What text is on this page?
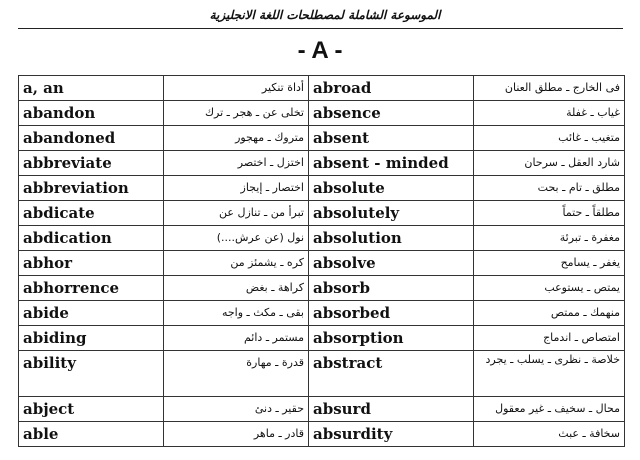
الموسوعة الشاملة لمصطلحات اللغة الانجليزية
- A -
a, an	أداة تنكير	abroad	فى الخارج ـ مطلق العنان
abandon	تخلى عن ـ هجر ـ ترك	absence	غياب ـ غفلة
abandoned	متروك ـ مهجور	absent	متغيب ـ غائب
abbreviate	اختزل ـ اختصر	absent - minded	شارد العقل ـ سرحان
abbreviation	اختصار ـ إيجاز	absolute	مطلق ـ تام ـ بحت
abdicate	تبرأ من ـ تنازل عن	absolutely	مطلقاً ـ حتماً
abdication	نول (عن عرش....)	absolution	مغفرة ـ تبرئة
abhor	كره ـ يشمئز من	absolve	يغفر ـ يسامح
abhorrence	كراهة ـ بغض	absorb	يمتص ـ يستوعب
abide	بقى ـ مكث ـ واجه	absorbed	منهمك ـ ممتص
abiding	مستمر ـ دائم	absorption	امتصاص ـ اندماج
ability	قدرة ـ مهارة	abstract	خلاصة ـ نظرى ـ يسلب ـ يجرد
abject	حقير ـ دنئ	absurd	محال ـ سخيف ـ غير معقول
able	قادر ـ ماهر	absurdity	سخافة ـ عبث
